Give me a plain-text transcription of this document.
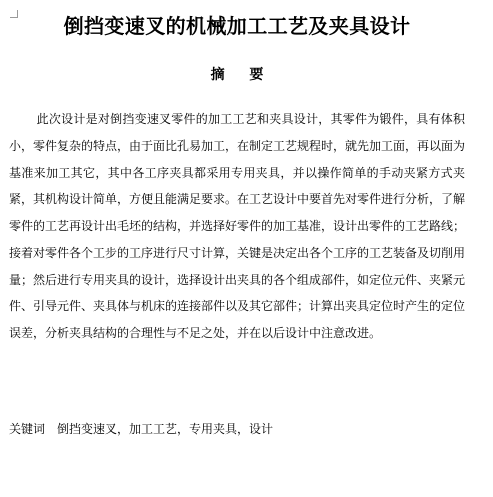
倒挡变速叉的机械加工工艺及夹具设计
摘 要

此次设计是对倒挡变速叉零件的加工工艺和夹具设计，其零件为锻件，具有体积小，零件复杂的特点，由于面比孔易加工，在制定工艺规程时，就先加工面，再以面为基准来加工其它，其中各工序夹具都采用专用夹具，并以操作简单的手动夹紧方式夹紧，其机构设计简单，方便且能满足要求。在工艺设计中要首先对零件进行分析，了解零件的工艺再设计出毛坯的结构，并选择好零件的加工基准，设计出零件的工艺路线；接着对零件各个工步的工序进行尺寸计算，关键是决定出各个工序的工艺装备及切削用量；然后进行专用夹具的设计，选择设计出夹具的各个组成部件，如定位元件、夹紧元件、引导元件、夹具体与机床的连接部件以及其它部件；计算出夹具定位时产生的定位误差，分析夹具结构的合理性与不足之处，并在以后设计中注意改进。

关键词 倒挡变速叉，加工工艺，专用夹具，设计
